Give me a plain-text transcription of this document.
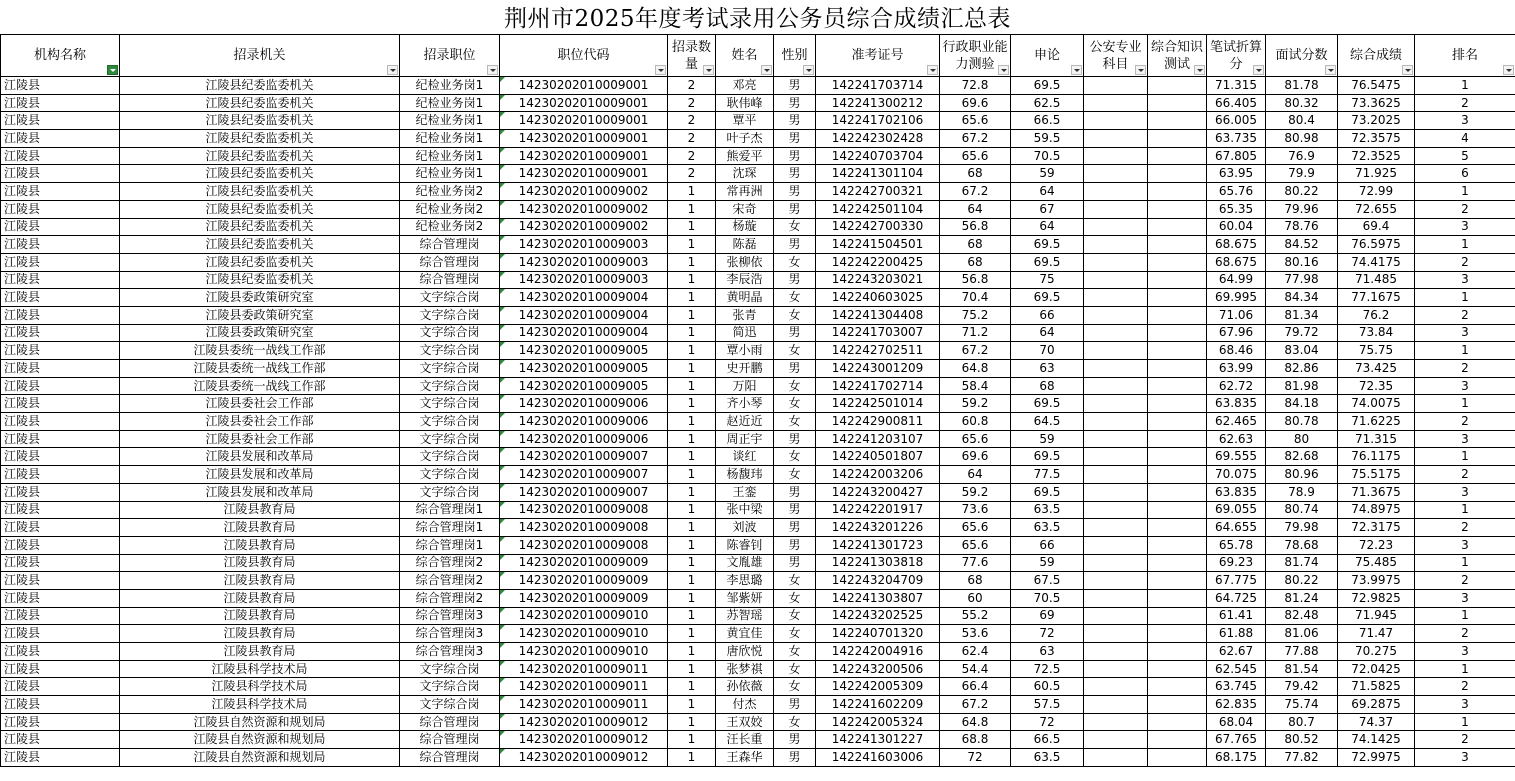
荆州市2025年度考试录用公务员综合成绩汇总表
机构名称	招录机关	招录职位	职位代码	招录数量	姓名	性别	准考证号	行政职业能力测验	申论	公安专业科目	综合知识测试	笔试折算分	面试分数	综合成绩	排名

江陵县	江陵县纪委监委机关	纪检业务岗1	14230202010009001	2	邓亮	男	142241703714	72.8	69.5			71.315	81.78	76.5475	1
江陵县	江陵县纪委监委机关	纪检业务岗1	14230202010009001	2	耿伟峰	男	142241300212	69.6	62.5			66.405	80.32	73.3625	2
江陵县	江陵县纪委监委机关	纪检业务岗1	14230202010009001	2	覃平	男	142241702106	65.6	66.5			66.005	80.4	73.2025	3
江陵县	江陵县纪委监委机关	纪检业务岗1	14230202010009001	2	叶子杰	男	142242302428	67.2	59.5			63.735	80.98	72.3575	4
江陵县	江陵县纪委监委机关	纪检业务岗1	14230202010009001	2	熊爱平	男	142240703704	65.6	70.5			67.805	76.9	72.3525	5
江陵县	江陵县纪委监委机关	纪检业务岗1	14230202010009001	2	沈琛	男	142241301104	68	59			63.95	79.9	71.925	6
江陵县	江陵县纪委监委机关	纪检业务岗2	14230202010009002	1	常再洲	男	142242700321	67.2	64			65.76	80.22	72.99	1
江陵县	江陵县纪委监委机关	纪检业务岗2	14230202010009002	1	宋奇	男	142242501104	64	67			65.35	79.96	72.655	2
江陵县	江陵县纪委监委机关	纪检业务岗2	14230202010009002	1	杨璇	女	142242700330	56.8	64			60.04	78.76	69.4	3
江陵县	江陵县纪委监委机关	综合管理岗	14230202010009003	1	陈磊	男	142241504501	68	69.5			68.675	84.52	76.5975	1
江陵县	江陵县纪委监委机关	综合管理岗	14230202010009003	1	张柳依	女	142242200425	68	69.5			68.675	80.16	74.4175	2
江陵县	江陵县纪委监委机关	综合管理岗	14230202010009003	1	李辰浩	男	142243203021	56.8	75			64.99	77.98	71.485	3
江陵县	江陵县委政策研究室	文字综合岗	14230202010009004	1	黄明晶	女	142240603025	70.4	69.5			69.995	84.34	77.1675	1
江陵县	江陵县委政策研究室	文字综合岗	14230202010009004	1	张青	女	142241304408	75.2	66			71.06	81.34	76.2	2
江陵县	江陵县委政策研究室	文字综合岗	14230202010009004	1	简迅	男	142241703007	71.2	64			67.96	79.72	73.84	3
江陵县	江陵县委统一战线工作部	文字综合岗	14230202010009005	1	覃小雨	女	142242702511	67.2	70			68.46	83.04	75.75	1
江陵县	江陵县委统一战线工作部	文字综合岗	14230202010009005	1	史开鹏	男	142243001209	64.8	63			63.99	82.86	73.425	2
江陵县	江陵县委统一战线工作部	文字综合岗	14230202010009005	1	万阳	女	142241702714	58.4	68			62.72	81.98	72.35	3
江陵县	江陵县委社会工作部	文字综合岗	14230202010009006	1	齐小琴	女	142242501014	59.2	69.5			63.835	84.18	74.0075	1
江陵县	江陵县委社会工作部	文字综合岗	14230202010009006	1	赵近近	女	142242900811	60.8	64.5			62.465	80.78	71.6225	2
江陵县	江陵县委社会工作部	文字综合岗	14230202010009006	1	周正宇	男	142241203107	65.6	59			62.63	80	71.315	3
江陵县	江陵县发展和改革局	文字综合岗	14230202010009007	1	谈红	女	142240501807	69.6	69.5			69.555	82.68	76.1175	1
江陵县	江陵县发展和改革局	文字综合岗	14230202010009007	1	杨馥玮	女	142242003206	64	77.5			70.075	80.96	75.5175	2
江陵县	江陵县发展和改革局	文字综合岗	14230202010009007	1	王銮	男	142243200427	59.2	69.5			63.835	78.9	71.3675	3
江陵县	江陵县教育局	综合管理岗1	14230202010009008	1	张中梁	男	142242201917	73.6	63.5			69.055	80.74	74.8975	1
江陵县	江陵县教育局	综合管理岗1	14230202010009008	1	刘波	男	142243201226	65.6	63.5			64.655	79.98	72.3175	2
江陵县	江陵县教育局	综合管理岗1	14230202010009008	1	陈睿钊	男	142241301723	65.6	66			65.78	78.68	72.23	3
江陵县	江陵县教育局	综合管理岗2	14230202010009009	1	文胤雄	男	142241303818	77.6	59			69.23	81.74	75.485	1
江陵县	江陵县教育局	综合管理岗2	14230202010009009	1	李思璐	女	142243204709	68	67.5			67.775	80.22	73.9975	2
江陵县	江陵县教育局	综合管理岗2	14230202010009009	1	邹紫妍	女	142241303807	60	70.5			64.725	81.24	72.9825	3
江陵县	江陵县教育局	综合管理岗3	14230202010009010	1	苏智瑶	女	142243202525	55.2	69			61.41	82.48	71.945	1
江陵县	江陵县教育局	综合管理岗3	14230202010009010	1	黄宜佳	女	142240701320	53.6	72			61.88	81.06	71.47	2
江陵县	江陵县教育局	综合管理岗3	14230202010009010	1	唐欣悦	女	142242004916	62.4	63			62.67	77.88	70.275	3
江陵县	江陵县科学技术局	文字综合岗	14230202010009011	1	张梦祺	女	142243200506	54.4	72.5			62.545	81.54	72.0425	1
江陵县	江陵县科学技术局	文字综合岗	14230202010009011	1	孙依薇	女	142242005309	66.4	60.5			63.745	79.42	71.5825	2
江陵县	江陵县科学技术局	文字综合岗	14230202010009011	1	付杰	男	142241602209	67.2	57.5			62.835	75.74	69.2875	3
江陵县	江陵县自然资源和规划局	综合管理岗	14230202010009012	1	王双姣	女	142242005324	64.8	72			68.04	80.7	74.37	1
江陵县	江陵县自然资源和规划局	综合管理岗	14230202010009012	1	汪长重	男	142241301227	68.8	66.5			67.765	80.52	74.1425	2
江陵县	江陵县自然资源和规划局	综合管理岗	14230202010009012	1	王森华	男	142241603006	72	63.5			68.175	77.82	72.9975	3
